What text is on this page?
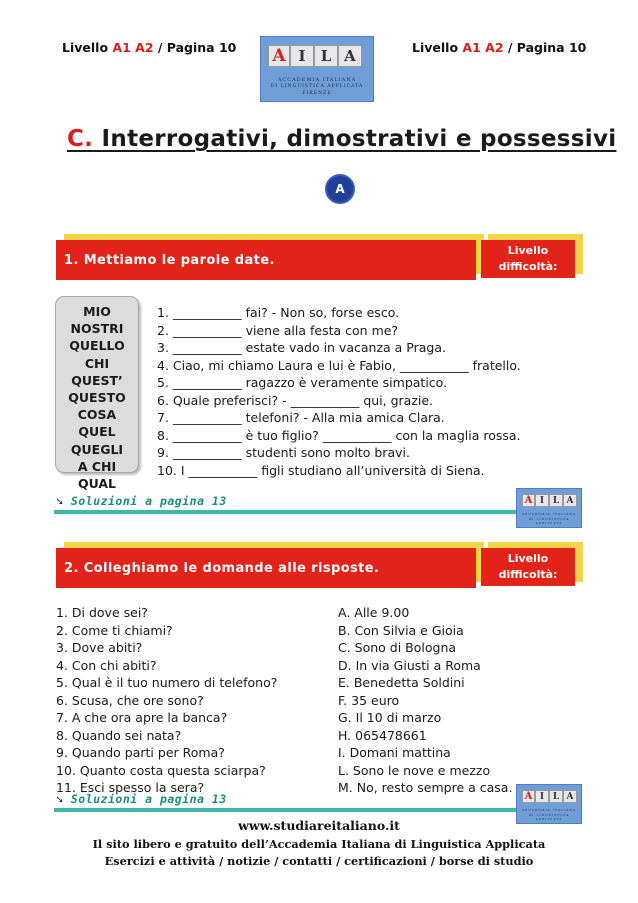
Livello A1 A2 / Pagina 10	Livello A1 A2 / Pagina 10
A I	L A
ACCADEMIA ITALIANA
DI LINGUISTICA APPLICATA
FIRENZE
C. Interrogativi, dimostrativi e possessivi
A
1. Mettiamo le parole date.
Livello difficoltà:
● basso
MIO
NOSTRI
QUELLO
CHI
QUEST’
QUESTO
COSA
QUEL
QUEGLI
A CHI
QUAL
1. ___________ fai? - Non so, forse esco.
2. ___________ viene alla festa con me?
3. ___________ estate vado in vacanza a Praga.
4. Ciao, mi chiamo Laura e lui è Fabio, ___________ fratello.
5. ___________ ragazzo è veramente simpatico.
6. Quale preferisci? - ___________ qui, grazie.
7. ___________ telefoni? - Alla mia amica Clara.
8. ___________ è tuo figlio? ___________ con la maglia rossa.
9. ___________ studenti sono molto bravi.
10. I ___________ figli studiano all’università di Siena.
➘ Soluzioni a pagina 13	A I L A
ACCADEMIA ITALIANA
DI LINGUISTICA APPLICATA
2. Colleghiamo le domande alle risposte.
Livello difficoltà:
●● medio
1. Di dove sei?
2. Come ti chiami?
3. Dove abiti?
4. Con chi abiti?
5. Qual è il tuo numero di telefono?
6. Scusa, che ore sono?
7. A che ora apre la banca?
8. Quando sei nata?
9. Quando parti per Roma?
10. Quanto costa questa sciarpa?
11. Esci spesso la sera?
A. Alle 9.00
B. Con Silvia e Gioia
C. Sono di Bologna
D. In via Giusti a Roma
E. Benedetta Soldini
F. 35 euro
G. Il 10 di marzo
H. 065478661
I. Domani mattina
L. Sono le nove e mezzo
M. No, resto sempre a casa.
➘ Soluzioni a pagina 13	A I L A
ACCADEMIA ITALIANA
DI LINGUISTICA APPLICATA
www.studiareitaliano.it
Il sito libero e gratuito dell’Accademia Italiana di Linguistica Applicata
Esercizi e attività / notizie / contatti / certificazioni / borse di studio
